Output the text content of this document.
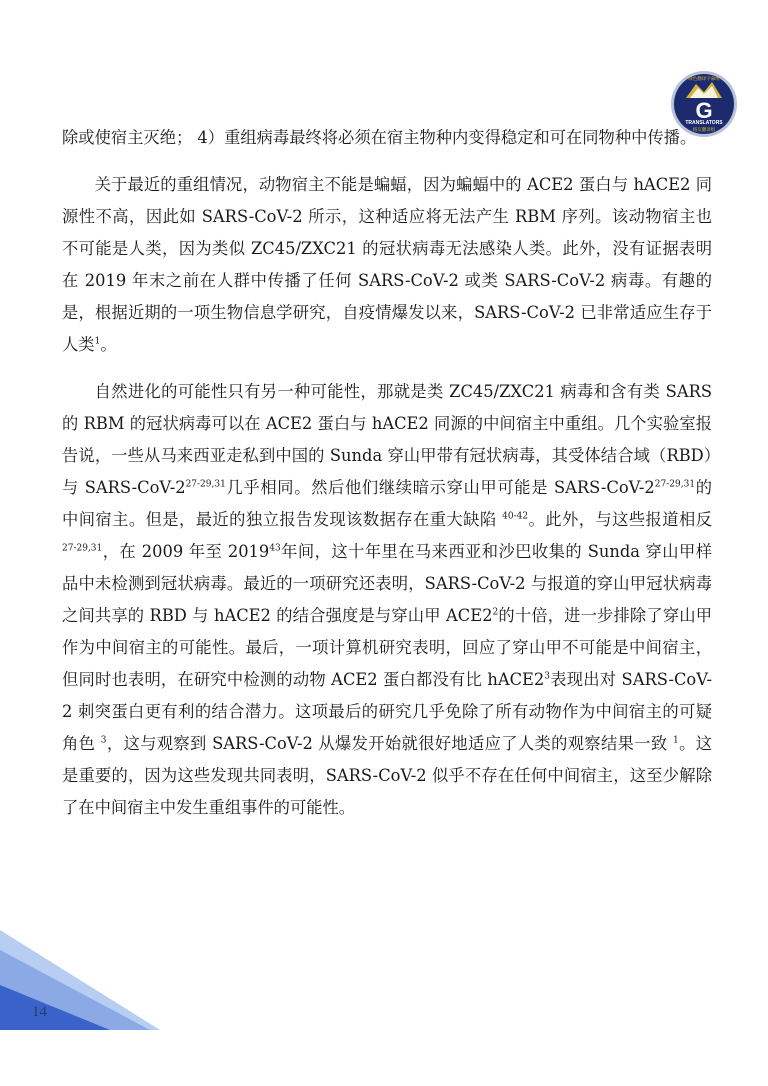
G
绿色翻译字幕组
TRANSLATORS
格友翻译组

除或使宿主灭绝； 4）重组病毒最终将必须在宿主物种内变得稳定和可在同物种中传播。

关于最近的重组情况，动物宿主不能是蝙蝠，因为蝙蝠中的 ACE2 蛋白与 hACE2 同源性不高，因此如 SARS-CoV-2 所示，这种适应将无法产生 RBM 序列。该动物宿主也不可能是人类，因为类似 ZC45/ZXC21 的冠状病毒无法感染人类。此外，没有证据表明在 2019 年末之前在人群中传播了任何 SARS-CoV-2 或类 SARS-CoV-2 病毒。有趣的是，根据近期的一项生物信息学研究，自疫情爆发以来，SARS-CoV-2 已非常适应生存于人类$^1$。

自然进化的可能性只有另一种可能性，那就是类 ZC45/ZXC21 病毒和含有类 SARS 的 RBM 的冠状病毒可以在 ACE2 蛋白与 hACE2 同源的中间宿主中重组。几个实验室报告说，一些从马来西亚走私到中国的 Sunda 穿山甲带有冠状病毒，其受体结合域（RBD）与 SARS-CoV-2$^{27-29,31}$几乎相同。然后他们继续暗示穿山甲可能是 SARS-CoV-2$^{27-29,31}$的中间宿主。但是，最近的独立报告发现该数据存在重大缺陷 $^{40-42}$。此外，与这些报道相反 $^{27-29,31}$，在 2009 年至 2019$^{43}$年间，这十年里在马来西亚和沙巴收集的 Sunda 穿山甲样品中未检测到冠状病毒。最近的一项研究还表明，SARS-CoV-2 与报道的穿山甲冠状病毒之间共享的 RBD 与 hACE2 的结合强度是与穿山甲 $ACE2^2$的十倍，进一步排除了穿山甲作为中间宿主的可能性。最后，一项计算机研究表明，回应了穿山甲不可能是中间宿主，但同时也表明，在研究中检测的动物 ACE2 蛋白都没有比 $hACE2^3$表现出对 SARS-CoV-2 刺突蛋白更有利的结合潜力。这项最后的研究几乎免除了所有动物作为中间宿主的可疑角色 $^3$，这与观察到 SARS-CoV-2 从爆发开始就很好地适应了人类的观察结果一致 $^1$。这是重要的，因为这些发现共同表明，SARS-CoV-2 似乎不存在任何中间宿主，这至少解除了在中间宿主中发生重组事件的可能性。

14
